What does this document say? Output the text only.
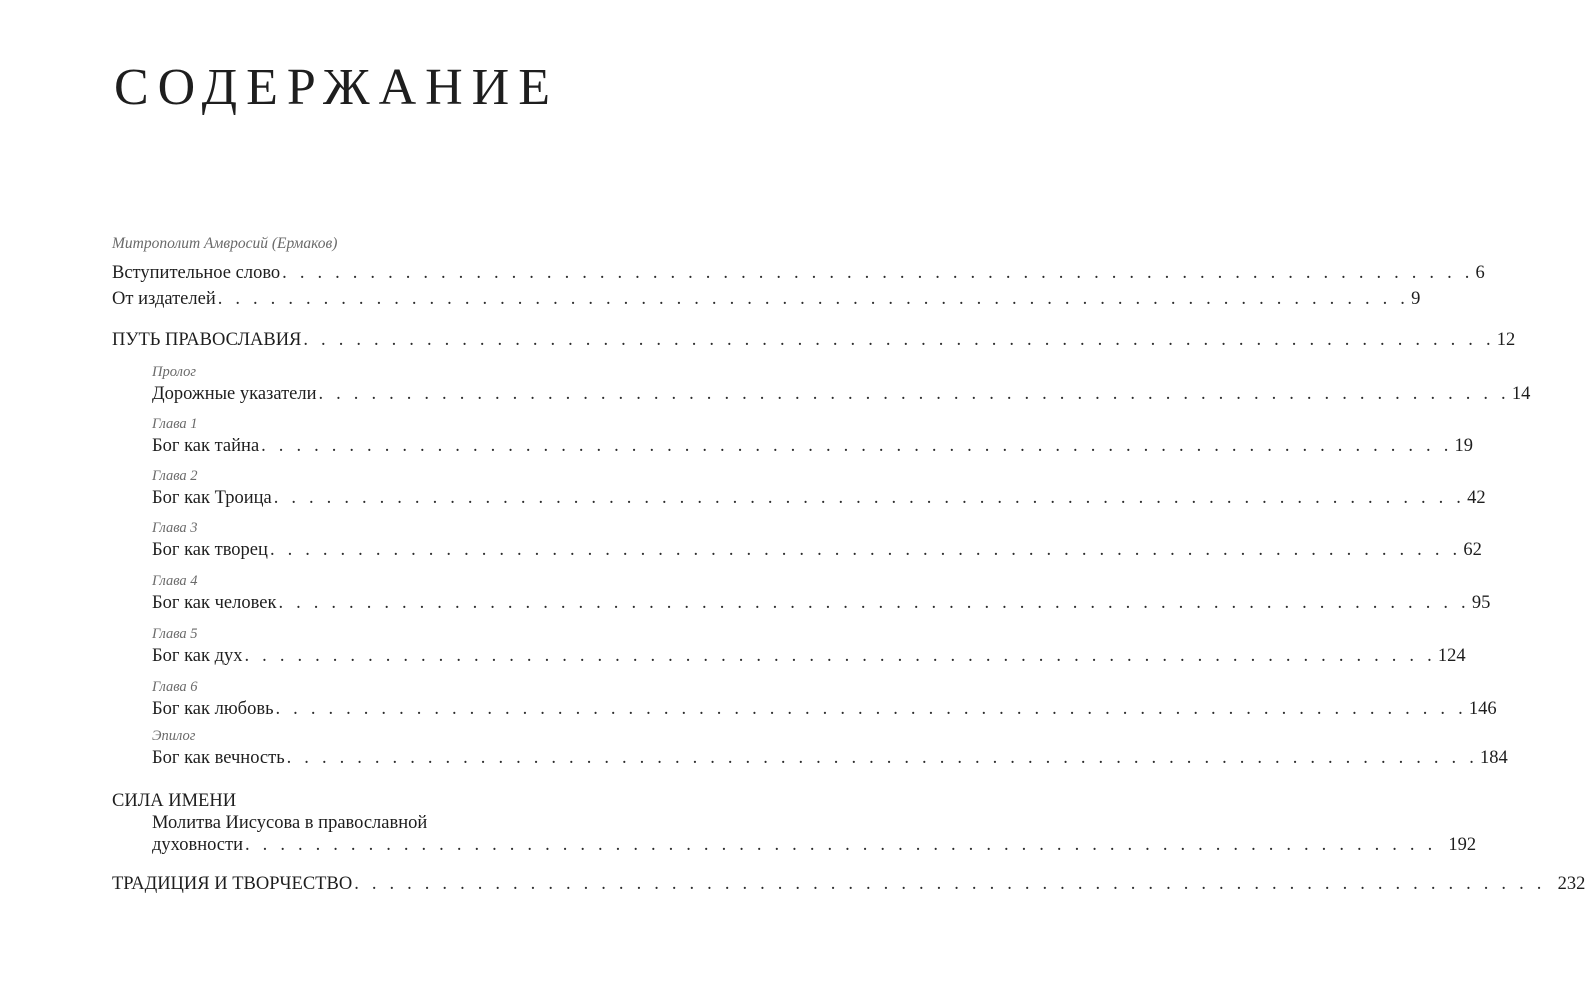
СОДЕРЖАНИЕ
Митрополит Амвросий (Ермаков)
Вступительное слово . . . . . . . . . . . . . . . . . . . . . . . . . . . . . . . . . . . . . . . . . . . . . . . . . . . . . . . . . . . . . . . . . . . . 6
От издателей . . . . . . . . . . . . . . . . . . . . . . . . . . . . . . . . . . . . . . . . . . . . . . . . . . . . . . . . . . . . . . . . . . . . 9
ПУТЬ ПРАВОСЛАВИЯ . . . . . . . . . . . . . . . . . . . . . . . . . . . . . . . . . . . . . . . . . . . . . . . . . . . . . . . . . . . . . . . . . . . . 12
Пролог
Дорожные указатели . . . . . . . . . . . . . . . . . . . . . . . . . . . . . . . . . . . . . . . . . . . . . . . . . . . . . . . . . . . . . . . . . . . . 14
Глава 1
Бог как тайна . . . . . . . . . . . . . . . . . . . . . . . . . . . . . . . . . . . . . . . . . . . . . . . . . . . . . . . . . . . . . . . . . . . . 19
Глава 2
Бог как Троица . . . . . . . . . . . . . . . . . . . . . . . . . . . . . . . . . . . . . . . . . . . . . . . . . . . . . . . . . . . . . . . . . . . . 42
Глава 3
Бог как творец . . . . . . . . . . . . . . . . . . . . . . . . . . . . . . . . . . . . . . . . . . . . . . . . . . . . . . . . . . . . . . . . . . . . 62
Глава 4
Бог как человек . . . . . . . . . . . . . . . . . . . . . . . . . . . . . . . . . . . . . . . . . . . . . . . . . . . . . . . . . . . . . . . . . . . . 95
Глава 5
Бог как дух . . . . . . . . . . . . . . . . . . . . . . . . . . . . . . . . . . . . . . . . . . . . . . . . . . . . . . . . . . . . . . . . . . . . 124
Глава 6
Бог как любовь . . . . . . . . . . . . . . . . . . . . . . . . . . . . . . . . . . . . . . . . . . . . . . . . . . . . . . . . . . . . . . . . . . . . 146
Эпилог
Бог как вечность . . . . . . . . . . . . . . . . . . . . . . . . . . . . . . . . . . . . . . . . . . . . . . . . . . . . . . . . . . . . . . . . . . . . 184
СИЛА ИМЕНИ
Молитва Иисусова в православной
духовности . . . . . . . . . . . . . . . . . . . . . . . . . . . . . . . . . . . . . . . . . . . . . . . . . . . . . . . . . . . . . . . . . . . . 192
ТРАДИЦИЯ И ТВОРЧЕСТВО . . . . . . . . . . . . . . . . . . . . . . . . . . . . . . . . . . . . . . . . . . . . . . . . . . . . . . . . . . . . . . . . . . . . 232
